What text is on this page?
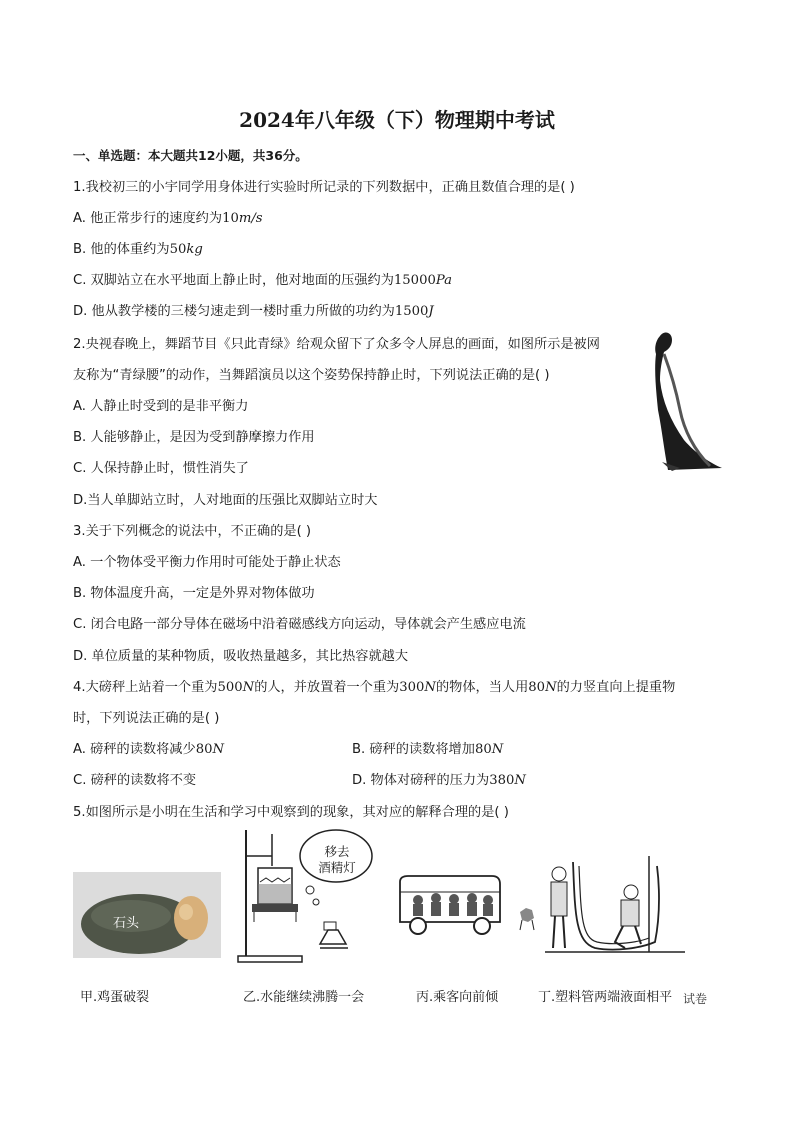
2024年八年级（下）物理期中考试
一、单选题：本大题共12小题，共36分。
1.我校初三的小宇同学用身体进行实验时所记录的下列数据中，正确且数值合理的是( )
A. 他正常步行的速度约为10m/s
B. 他的体重约为50kg
C. 双脚站立在水平地面上静止时，他对地面的压强约为15000Pa
D. 他从教学楼的三楼匀速走到一楼时重力所做的功约为1500J
2.央视春晚上，舞蹈节目《只此青绿》给观众留下了众多令人屏息的画面，如图所示是被网
友称为“青绿腰”的动作，当舞蹈演员以这个姿势保持静止时，下列说法正确的是( )
A. 人静止时受到的是非平衡力
B. 人能够静止，是因为受到静摩擦力作用
C. 人保持静止时，惯性消失了
D.当人单脚站立时，人对地面的压强比双脚站立时大
3.关于下列概念的说法中，不正确的是( )
A. 一个物体受平衡力作用时可能处于静止状态
B. 物体温度升高，一定是外界对物体做功
C. 闭合电路一部分导体在磁场中沿着磁感线方向运动，导体就会产生感应电流
D. 单位质量的某种物质，吸收热量越多，其比热容就越大
4.大磅秤上站着一个重为500N的人，并放置着一个重为300N的物体，当人用80N的力竖直向上提重物
时，下列说法正确的是( )
A. 磅秤的读数将减少80N	B. 磅秤的读数将增加80N
C. 磅秤的读数将不变	D. 物体对磅秤的压力为380N
5.如图所示是小明在生活和学习中观察到的现象，其对应的解释合理的是( )
石头
移去
酒精灯
甲.鸡蛋破裂	乙.水能继续沸腾一会	丙.乘客向前倾	丁.塑料管两端液面相平 试卷
